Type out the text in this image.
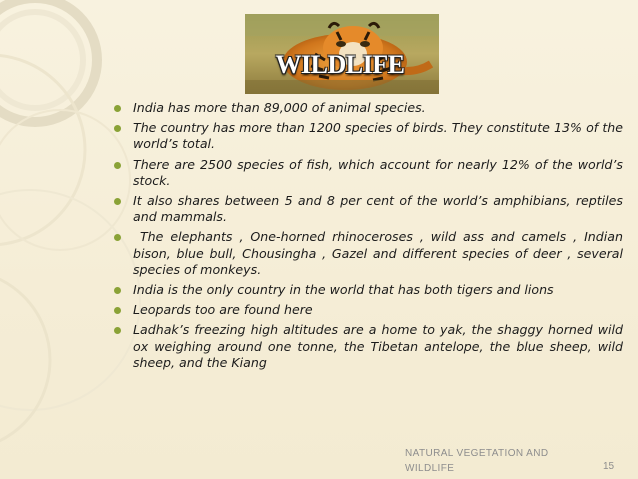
WILDLIFE
India has more than 89,000 of animal species.
The country has more than 1200 species of birds. They constitute 13% of the world’s total.
There are 2500 species of fish, which account for nearly 12% of the world’s stock.
It also shares between 5 and 8 per cent of the world’s amphibians, reptiles and mammals.
The elephants , One-horned rhinoceroses , wild ass and camels , Indian bison, blue bull, Chousingha , Gazel and different species of deer , several species of monkeys.
India is the only country in the world that has both tigers and lions
Leopards too are found here
Ladhak’s freezing high altitudes are a home to yak, the shaggy horned wild ox weighing around one tonne, the Tibetan antelope, the blue sheep, wild sheep, and the Kiang
NATURAL VEGETATION AND WILDLIFE	15
